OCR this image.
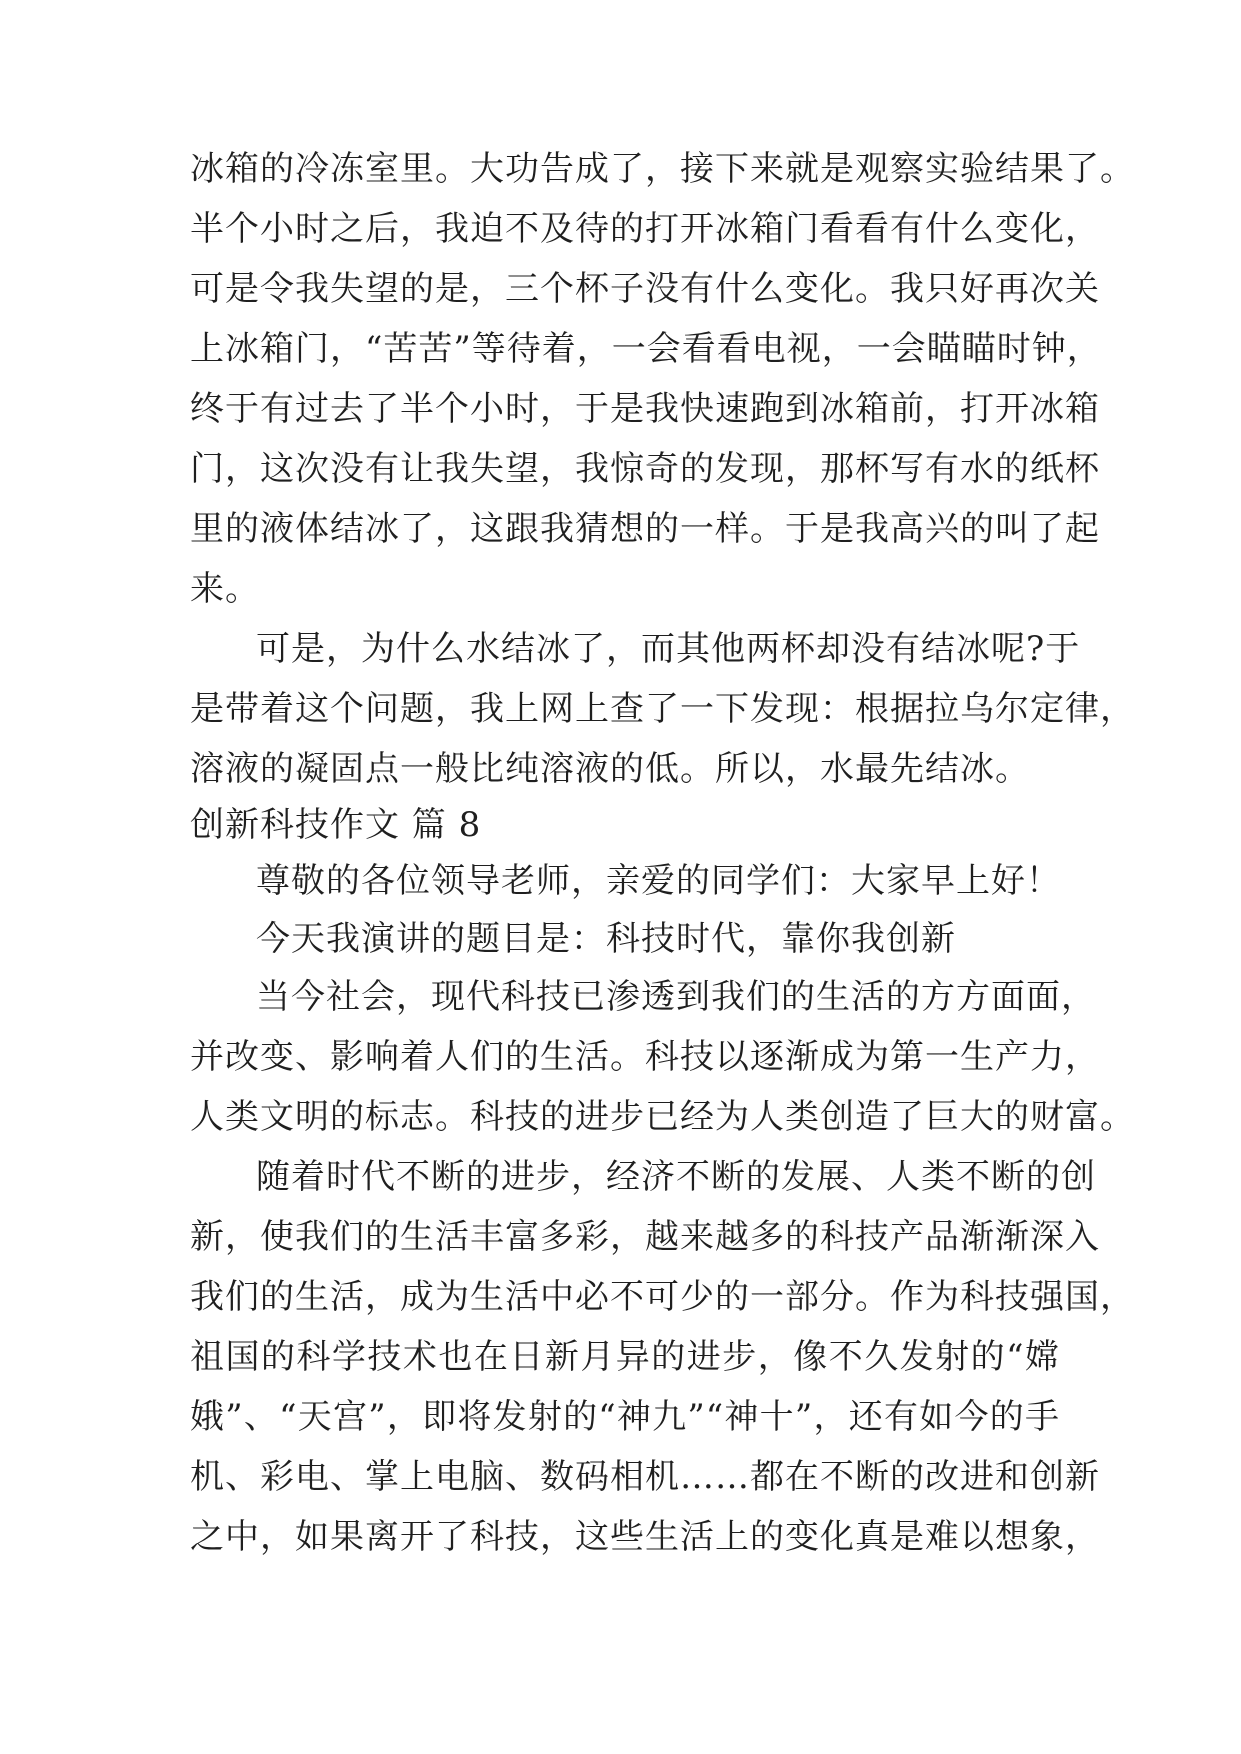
冰箱的冷冻室里。大功告成了，接下来就是观察实验结果了。
半个小时之后，我迫不及待的打开冰箱门看看有什么变化，
可是令我失望的是，三个杯子没有什么变化。我只好再次关
上冰箱门，“苦苦”等待着，一会看看电视，一会瞄瞄时钟，
终于有过去了半个小时，于是我快速跑到冰箱前，打开冰箱
门，这次没有让我失望，我惊奇的发现，那杯写有水的纸杯
里的液体结冰了，这跟我猜想的一样。于是我高兴的叫了起
来。
可是，为什么水结冰了，而其他两杯却没有结冰呢?于
是带着这个问题，我上网上查了一下发现：根据拉乌尔定律，
溶液的凝固点一般比纯溶液的低。所以，水最先结冰。
创新科技作文 篇 8
尊敬的各位领导老师，亲爱的同学们：大家早上好！
今天我演讲的题目是：科技时代，靠你我创新
当今社会，现代科技已渗透到我们的生活的方方面面，
并改变、影响着人们的生活。科技以逐渐成为第一生产力，
人类文明的标志。科技的进步已经为人类创造了巨大的财富。
随着时代不断的进步，经济不断的发展、人类不断的创
新，使我们的生活丰富多彩，越来越多的科技产品渐渐深入
我们的生活，成为生活中必不可少的一部分。作为科技强国，
祖国的科学技术也在日新月异的进步，像不久发射的“嫦
娥”、“天宫”，即将发射的“神九”“神十”，还有如今的手
机、彩电、掌上电脑、数码相机……都在不断的改进和创新
之中，如果离开了科技，这些生活上的变化真是难以想象，
